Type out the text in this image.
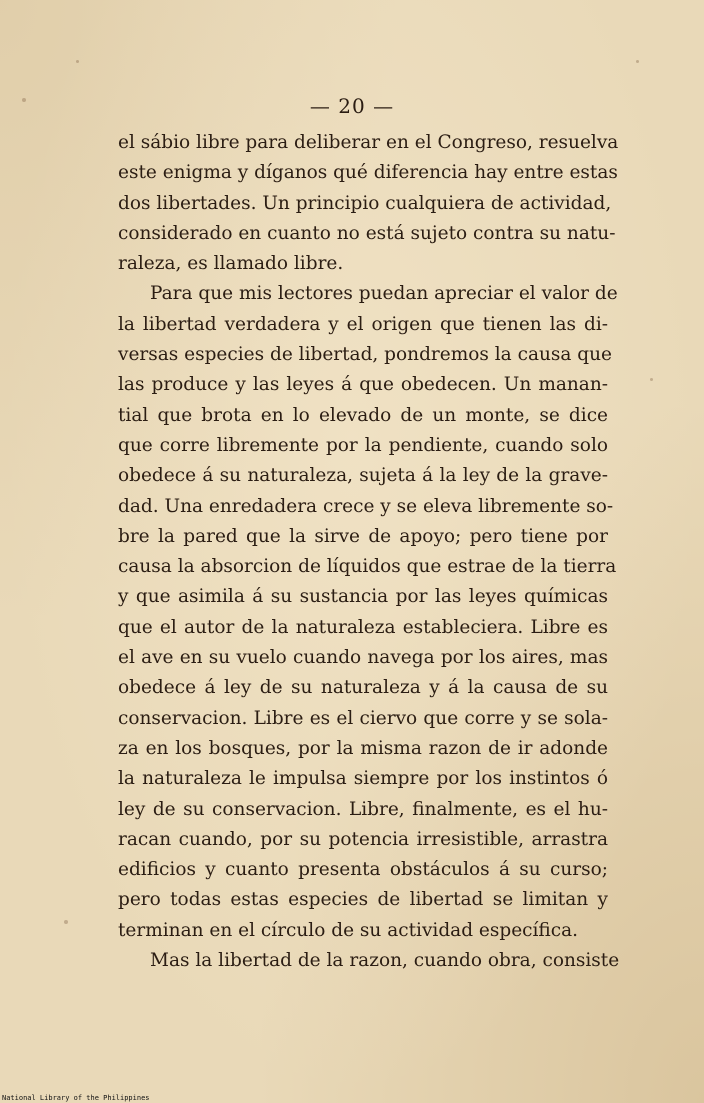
— 20 —
el sábio libre para deliberar en el Congreso, resuelva
este enigma y díganos qué diferencia hay entre estas
dos libertades. Un principio cualquiera de actividad,
considerado en cuanto no está sujeto contra su natu-
raleza, es llamado libre.
Para que mis lectores puedan apreciar el valor de
la libertad verdadera y el origen que tienen las di-
versas especies de libertad, pondremos la causa que
las produce y las leyes á que obedecen. Un manan-
tial que brota en lo elevado de un monte, se dice
que corre libremente por la pendiente, cuando solo
obedece á su naturaleza, sujeta á la ley de la grave-
dad. Una enredadera crece y se eleva libremente so-
bre la pared que la sirve de apoyo; pero tiene por
causa la absorcion de líquidos que estrae de la tierra
y que asimila á su sustancia por las leyes químicas
que el autor de la naturaleza estableciera. Libre es
el ave en su vuelo cuando navega por los aires, mas
obedece á ley de su naturaleza y á la causa de su
conservacion. Libre es el ciervo que corre y se sola-
za en los bosques, por la misma razon de ir adonde
la naturaleza le impulsa siempre por los instintos ó
ley de su conservacion. Libre, finalmente, es el hu-
racan cuando, por su potencia irresistible, arrastra
edificios y cuanto presenta obstáculos á su curso;
pero todas estas especies de libertad se limitan y
terminan en el círculo de su actividad específica.
Mas la libertad de la razon, cuando obra, consiste
National Library of the Philippines
